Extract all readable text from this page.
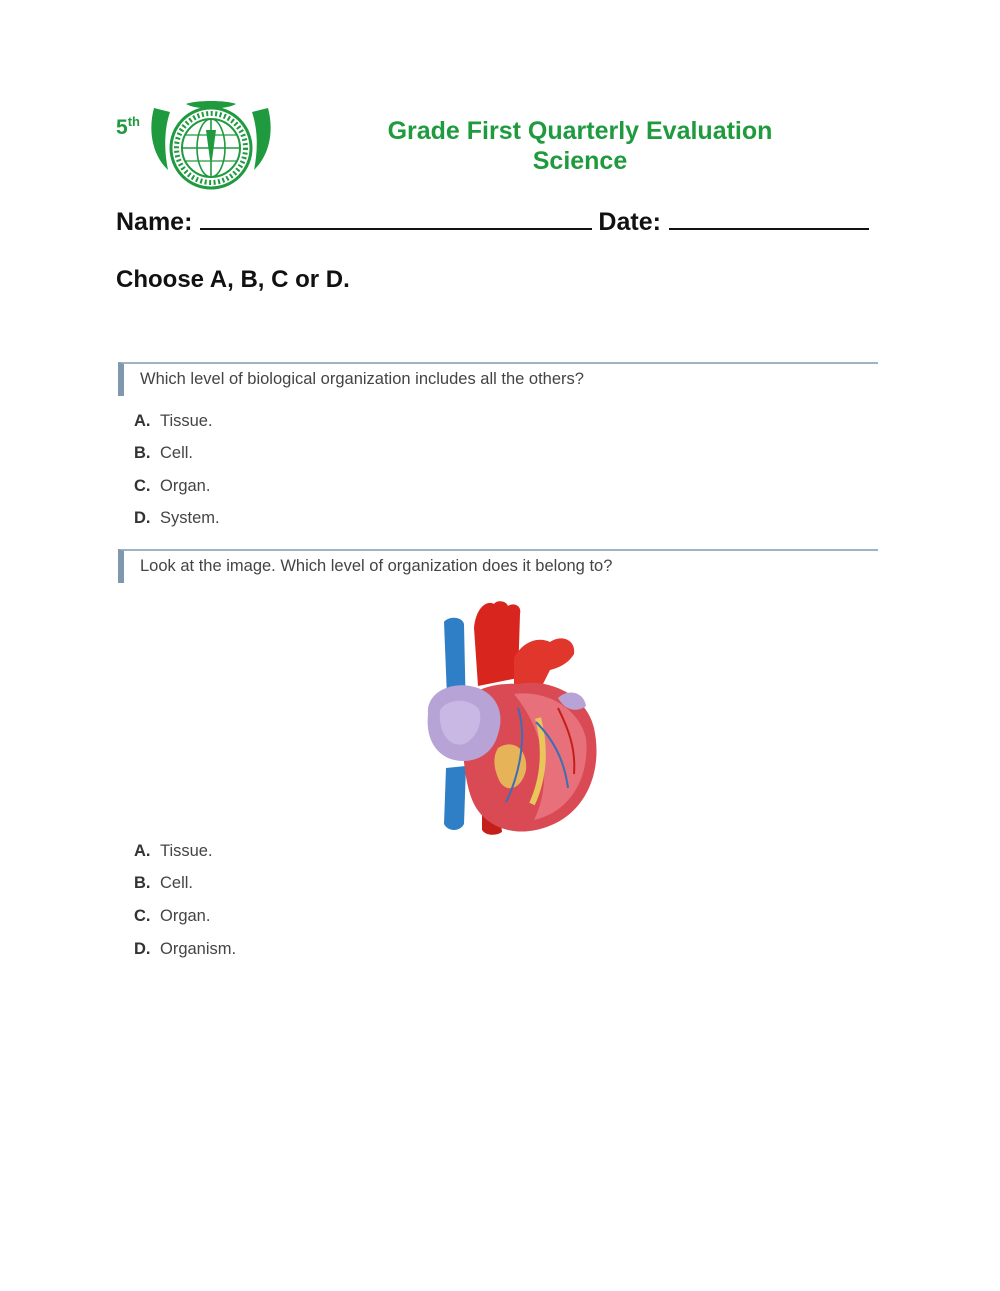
5th	Grade First Quarterly Evaluation
Science
Name:	Date:
Choose A, B, C or D.
Which level of biological organization includes all the others?
A. Tissue.
B. Cell.
C. Organ.
D. System.
Look at the image. Which level of organization does it belong to?
A. Tissue.
B. Cell.
C. Organ.
D. Organism.
